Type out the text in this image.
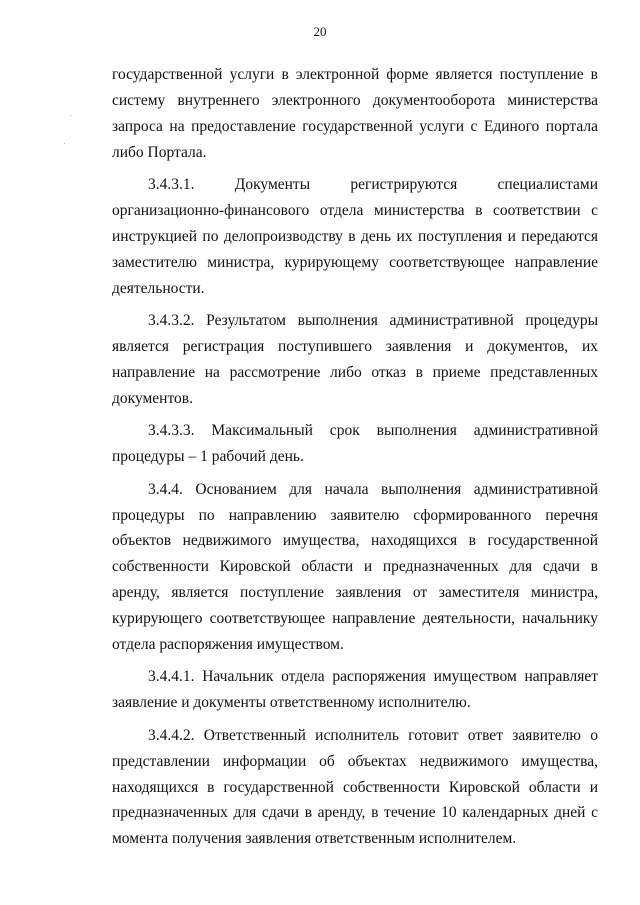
20

государственной услуги в электронной форме является поступление в систему внутреннего электронного документооборота министерства запроса на предоставление государственной услуги с Единого портала либо Портала.

3.4.3.1. Документы регистрируются специалистами организационно-финансового отдела министерства в соответствии с инструкцией по делопроизводству в день их поступления и передаются заместителю министра, курирующему соответствующее направление деятельности.

3.4.3.2. Результатом выполнения административной процедуры является регистрация поступившего заявления и документов, их направление на рассмотрение либо отказ в приеме представленных документов.

3.4.3.3. Максимальный срок выполнения административной процедуры – 1 рабочий день.

3.4.4. Основанием для начала выполнения административной процедуры по направлению заявителю сформированного перечня объектов недвижимого имущества, находящихся в государственной собственности Кировской области и предназначенных для сдачи в аренду, является поступление заявления от заместителя министра, курирующего соответствующее направление деятельности, начальнику отдела распоряжения имуществом.

3.4.4.1. Начальник отдела распоряжения имуществом направляет заявление и документы ответственному исполнителю.

3.4.4.2. Ответственный исполнитель готовит ответ заявителю о представлении информации об объектах недвижимого имущества, находящихся в государственной собственности Кировской области и предназначенных для сдачи в аренду, в течение 10 календарных дней с момента получения заявления ответственным исполнителем.
